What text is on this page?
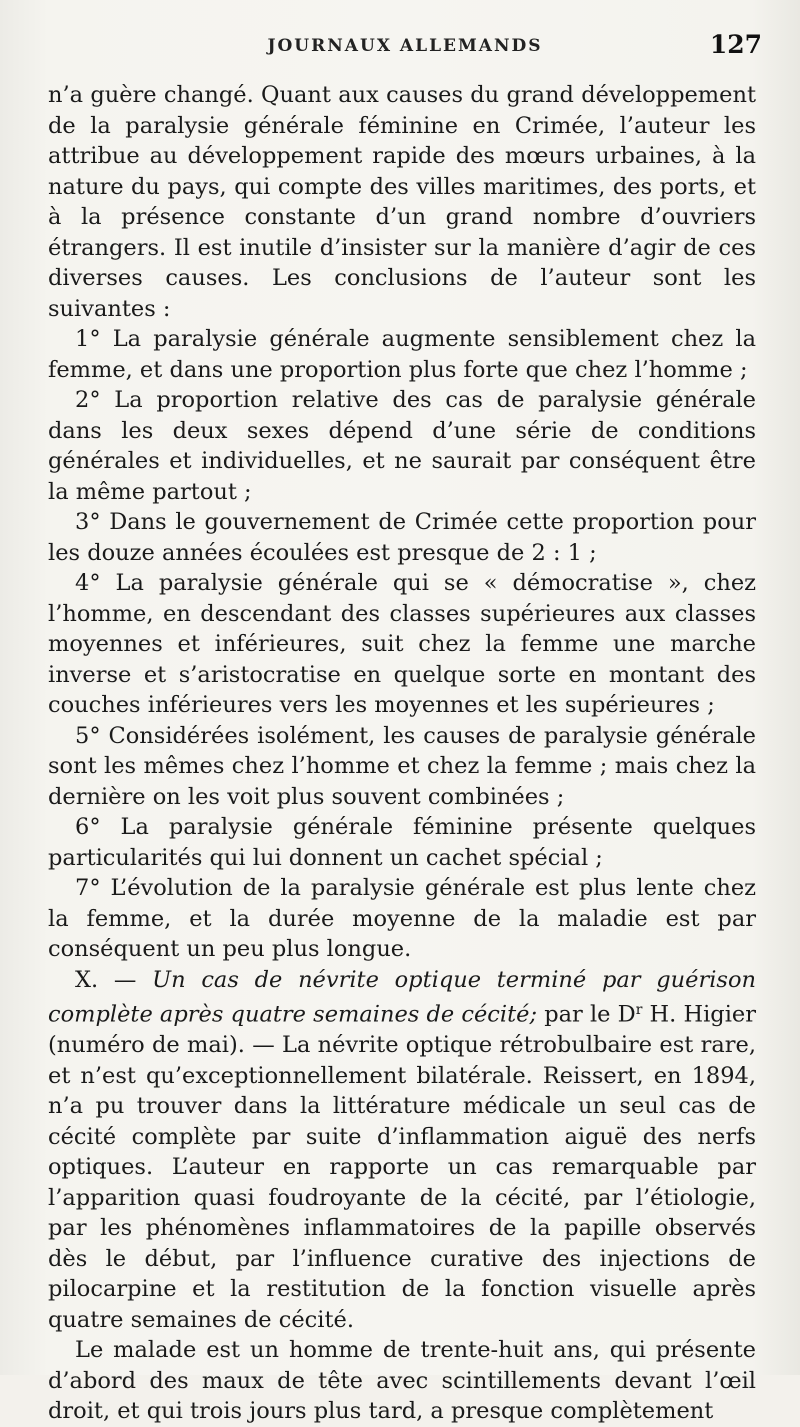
JOURNAUX ALLEMANDS	127

n’a guère changé. Quant aux causes du grand développement de la paralysie générale féminine en Crimée, l’auteur les attribue au développement rapide des mœurs urbaines, à la nature du pays, qui compte des villes maritimes, des ports, et à la présence constante d’un grand nombre d’ouvriers étrangers. Il est inutile d’insister sur la manière d’agir de ces diverses causes. Les conclusions de l’auteur sont les suivantes :

1° La paralysie générale augmente sensiblement chez la femme, et dans une proportion plus forte que chez l’homme ;

2° La proportion relative des cas de paralysie générale dans les deux sexes dépend d’une série de conditions générales et individuelles, et ne saurait par conséquent être la même partout ;

3° Dans le gouvernement de Crimée cette proportion pour les douze années écoulées est presque de 2 : 1 ;

4° La paralysie générale qui se « démocratise », chez l’homme, en descendant des classes supérieures aux classes moyennes et inférieures, suit chez la femme une marche inverse et s’aristocratise en quelque sorte en montant des couches inférieures vers les moyennes et les supérieures ;

5° Considérées isolément, les causes de paralysie générale sont les mêmes chez l’homme et chez la femme ; mais chez la dernière on les voit plus souvent combinées ;

6° La paralysie générale féminine présente quelques particularités qui lui donnent un cachet spécial ;

7° L’évolution de la paralysie générale est plus lente chez la femme, et la durée moyenne de la maladie est par conséquent un peu plus longue.

X. — Un cas de névrite optique terminé par guérison complète après quatre semaines de cécité; par le $D^r$ H. Higier (numéro de mai). — La névrite optique rétrobulbaire est rare, et n’est qu’exceptionnellement bilatérale. Reissert, en 1894, n’a pu trouver dans la littérature médicale un seul cas de cécité complète par suite d’inflammation aiguë des nerfs optiques. L’auteur en rapporte un cas remarquable par l’apparition quasi foudroyante de la cécité, par l’étiologie, par les phénomènes inflammatoires de la papille observés dès le début, par l’influence curative des injections de pilocarpine et la restitution de la fonction visuelle après quatre semaines de cécité.

Le malade est un homme de trente-huit ans, qui présente d’abord des maux de tête avec scintillements devant l’œil droit, et qui trois jours plus tard, a presque complètement
